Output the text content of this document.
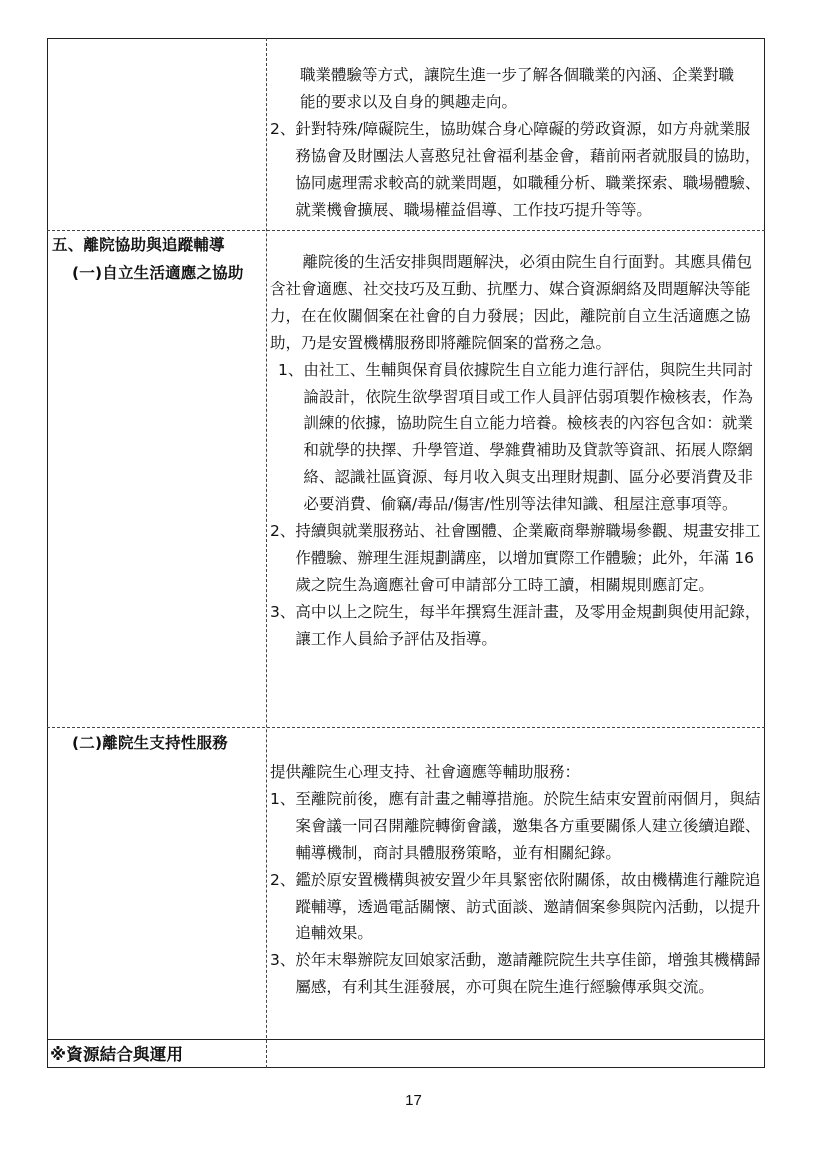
職業體驗等方式，讓院生進一步了解各個職業的內涵、企業對職
能的要求以及自身的興趣走向。
2、 針對特殊/障礙院生，協助媒合身心障礙的勞政資源，如方舟就業服務協會及財團法人喜憨兒社會福利基金會，藉前兩者就服員的協助，協同處理需求較高的就業問題，如職種分析、職業探索、職場體驗、就業機會擴展、職場權益倡導、工作技巧提升等等。
五、離院協助與追蹤輔導
(一)自立生活適應之協助
離院後的生活安排與問題解決，必須由院生自行面對。其應具備包含社會適應、社交技巧及互動、抗壓力、媒合資源網絡及問題解決等能力，在在攸關個案在社會的自力發展；因此，離院前自立生活適應之協助，乃是安置機構服務即將離院個案的當務之急。
1、 由社工、生輔與保育員依據院生自立能力進行評估，與院生共同討論設計，依院生欲學習項目或工作人員評估弱項製作檢核表，作為訓練的依據，協助院生自立能力培養。檢核表的內容包含如：就業和就學的抉擇、升學管道、學雜費補助及貸款等資訊、拓展人際網絡、認識社區資源、每月收入與支出理財規劃、區分必要消費及非必要消費、偷竊/毒品/傷害/性別等法律知識、租屋注意事項等。
2、 持續與就業服務站、社會團體、企業廠商舉辦職場參觀、規畫安排工作體驗、辦理生涯規劃講座，以增加實際工作體驗；此外，年滿 16 歲之院生為適應社會可申請部分工時工讀，相關規則應訂定。
3、 高中以上之院生，每半年撰寫生涯計畫，及零用金規劃與使用記錄，讓工作人員給予評估及指導。
(二)離院生支持性服務
提供離院生心理支持、社會適應等輔助服務：
1、 至離院前後，應有計畫之輔導措施。於院生結束安置前兩個月，與結案會議一同召開離院轉銜會議，邀集各方重要關係人建立後續追蹤、輔導機制，商討具體服務策略，並有相關紀錄。
2、 鑑於原安置機構與被安置少年具緊密依附關係，故由機構進行離院追蹤輔導，透過電話關懷、訪式面談、邀請個案參與院內活動，以提升追輔效果。
3、 於年末舉辦院友回娘家活動，邀請離院院生共享佳節，增強其機構歸屬感，有利其生涯發展，亦可與在院生進行經驗傳承與交流。
※資源結合與運用
17
